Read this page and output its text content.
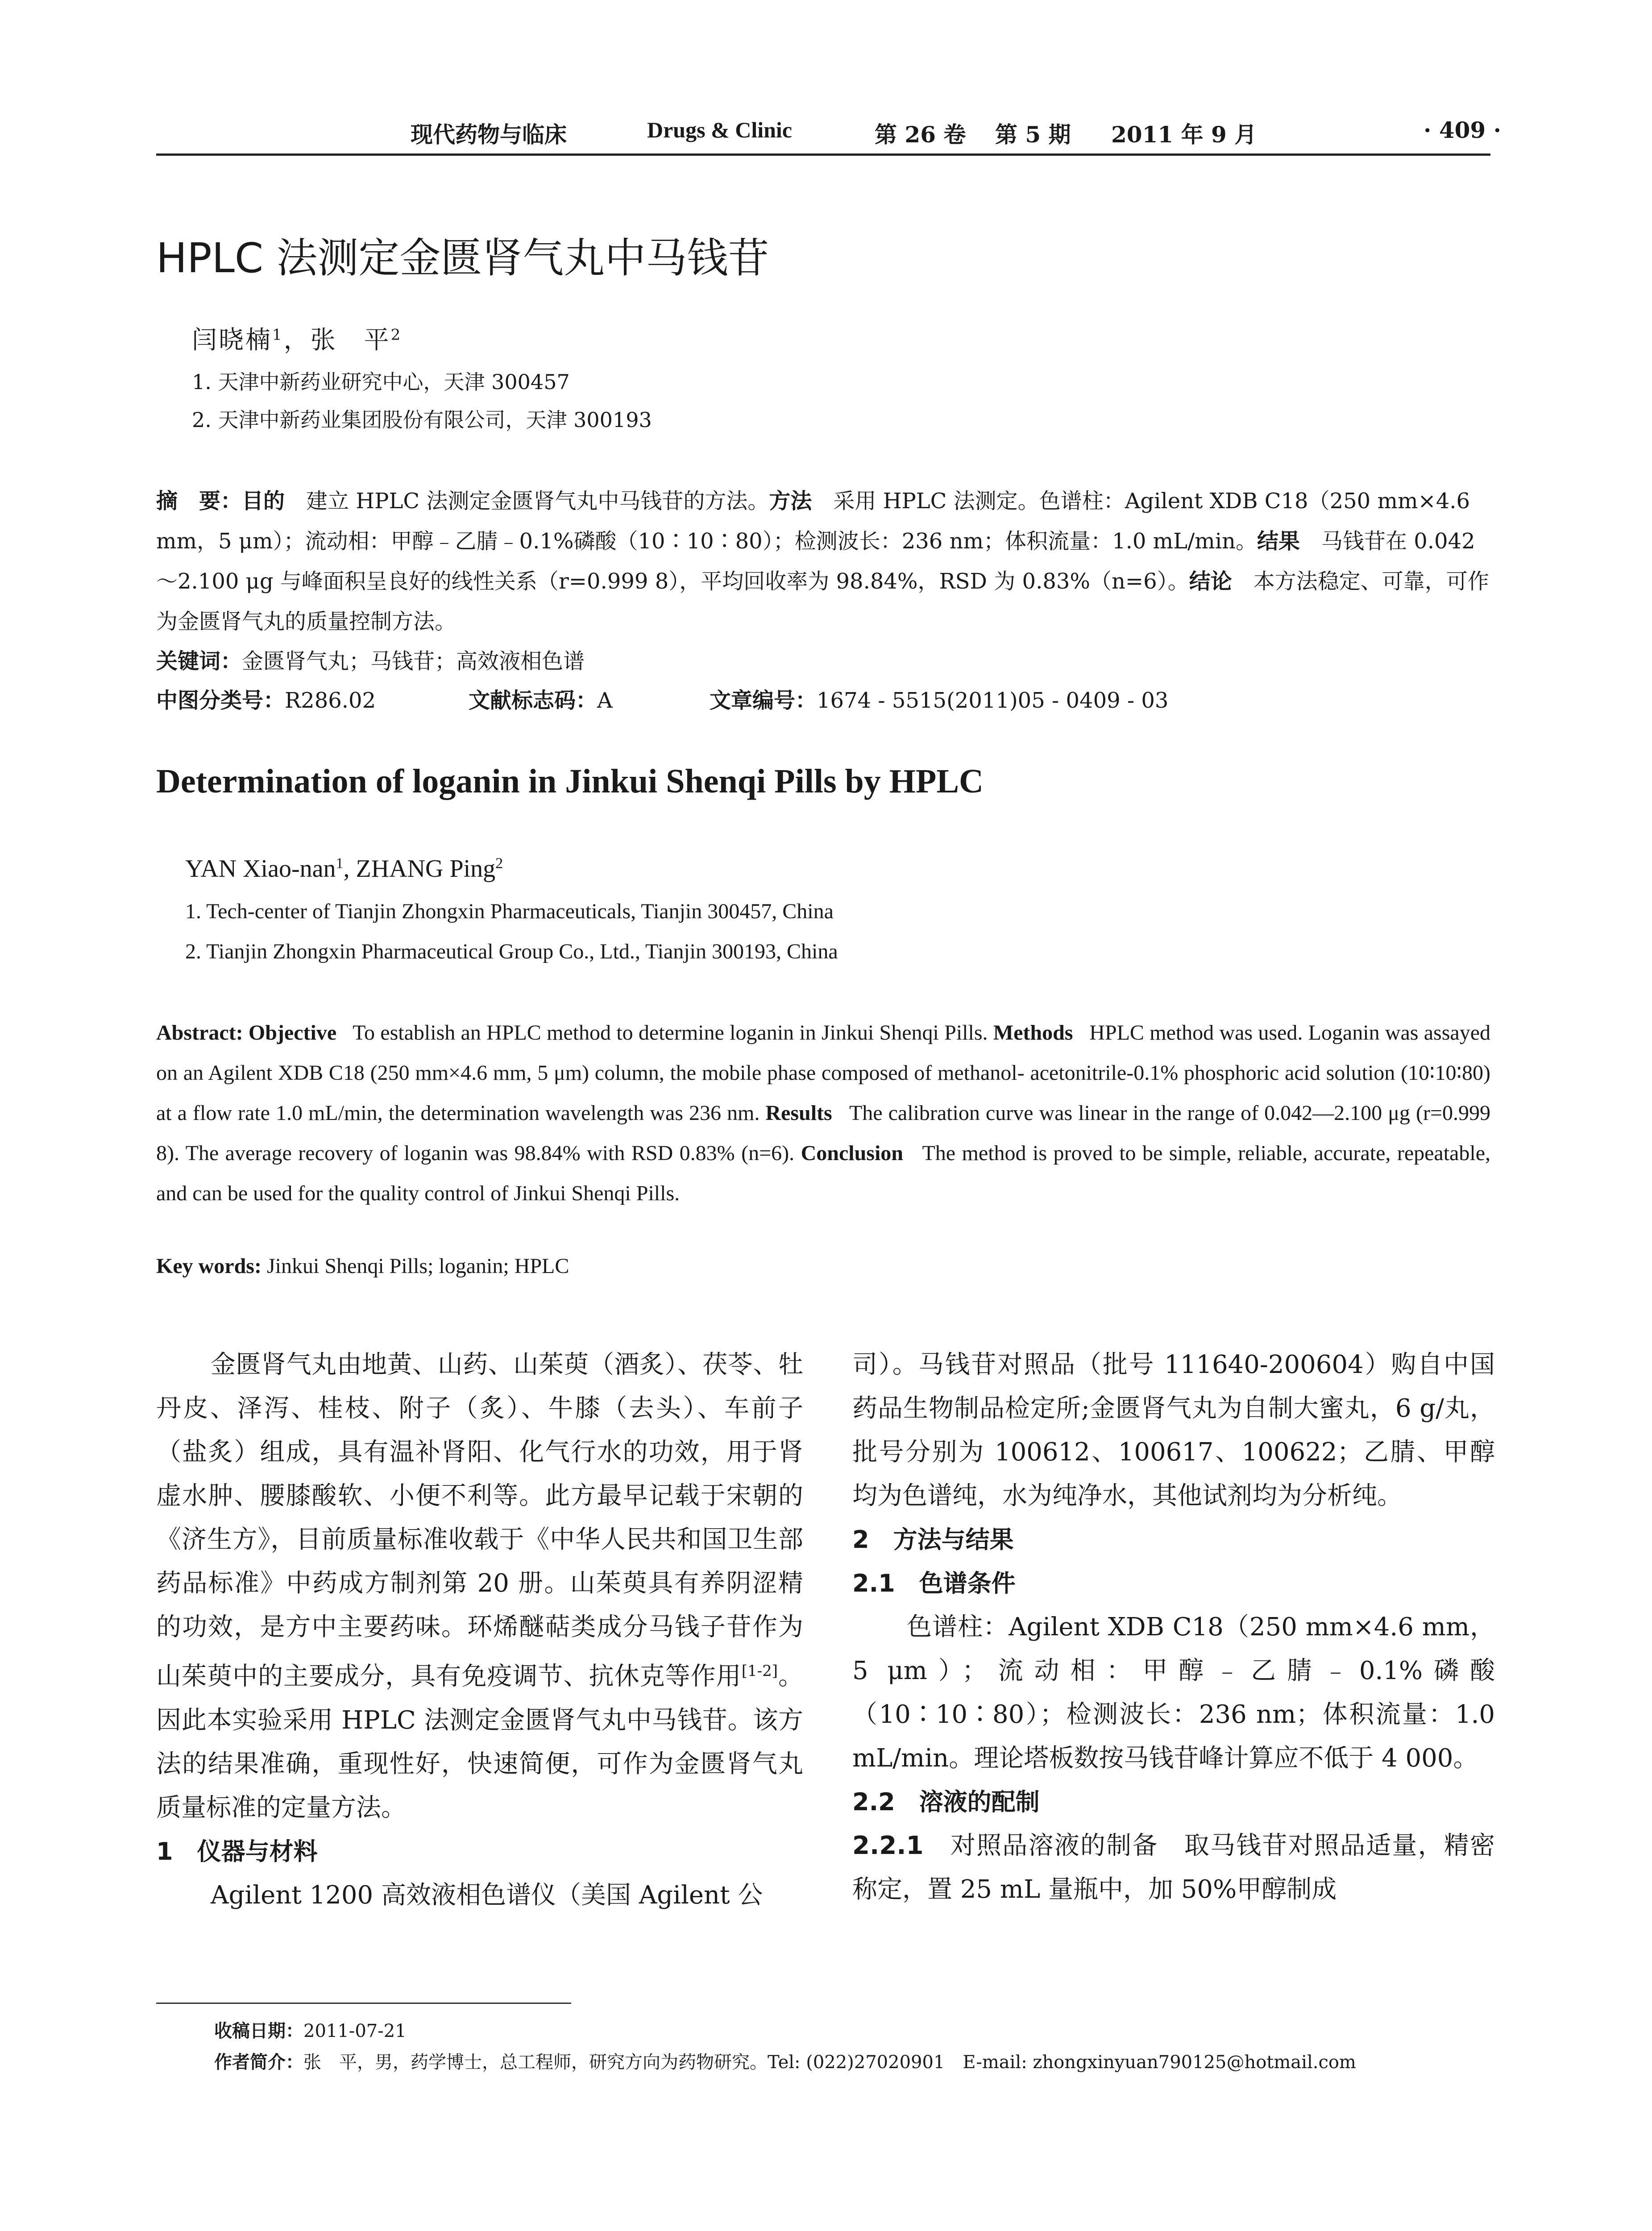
现代药物与临床	Drugs & Clinic	第 26 卷 第 5 期 2011 年 9 月	· 409 ·
HPLC 法测定金匮肾气丸中马钱苷
闫晓楠$^1$，张　平$^2$
1. 天津中新药业研究中心，天津 300457
2. 天津中新药业集团股份有限公司，天津 300193
摘　要：目的　 建立 HPLC 法测定金匮肾气丸中马钱苷的方法。方法　 采用 HPLC 法测定。色谱柱：Agilent XDB C18（250 mm×4.6 mm，5 μm）；流动相：甲醇﹣乙腈﹣0.1%磷酸（10∶10∶80）；检测波长：236 nm；体积流量：1.0 mL/min。结果　 马钱苷在 0.042～2.100 μg 与峰面积呈良好的线性关系（r=0.999 8），平均回收率为 98.84%，RSD 为 0.83%（n=6）。结论　 本方法稳定、可靠，可作为金匮肾气丸的质量控制方法。
关键词：金匮肾气丸；马钱苷；高效液相色谱
中图分类号：R286.02	文献标志码：A	文章编号：1674 - 5515(2011)05 - 0409 - 03
Determination of loganin in Jinkui Shenqi Pills by HPLC
YAN Xiao-nan$^1$, ZHANG Ping$^2$
1. Tech-center of Tianjin Zhongxin Pharmaceuticals, Tianjin 300457, China
2. Tianjin Zhongxin Pharmaceutical Group Co., Ltd., Tianjin 300193, China
Abstract: Objective To establish an HPLC method to determine loganin in Jinkui Shenqi Pills. Methods HPLC method was used. Loganin was assayed on an Agilent XDB C18 (250 mm×4.6 mm, 5 μm) column, the mobile phase composed of methanol- acetonitrile-0.1% phosphoric acid solution (10∶10∶80) at a flow rate 1.0 mL/min, the determination wavelength was 236 nm. Results The calibration curve was linear in the range of 0.042—2.100 μg (r=0.999 8). The average recovery of loganin was 98.84% with RSD 0.83% (n=6). Conclusion The method is proved to be simple, reliable, accurate, repeatable, and can be used for the quality control of Jinkui Shenqi Pills.
Key words: Jinkui Shenqi Pills; loganin; HPLC

金匮肾气丸由地黄、山药、山茱萸（酒炙）、茯苓、牡丹皮、泽泻、桂枝、附子（炙）、牛膝（去头）、车前子（盐炙）组成，具有温补肾阳、化气行水的功效，用于肾虚水肿、腰膝酸软、小便不利等。此方最早记载于宋朝的《济生方》，目前质量标准收载于《中华人民共和国卫生部药品标准》中药成方制剂第 20 册。山茱萸具有养阴涩精的功效，是方中主要药味。环烯醚萜类成分马钱子苷作为山茱萸中的主要成分，具有免疫调节、抗休克等作用[1-2]。因此本实验采用 HPLC 法测定金匮肾气丸中马钱苷。该方法的结果准确，重现性好，快速简便，可作为金匮肾气丸质量标准的定量方法。

1　仪器与材料

Agilent 1200 高效液相色谱仪（美国 Agilent 公

司）。马钱苷对照品（批号 111640-200604）购自中国药品生物制品检定所;金匮肾气丸为自制大蜜丸，6 g/丸，批号分别为 100612、100617、100622；乙腈、甲醇均为色谱纯，水为纯净水，其他试剂均为分析纯。

2　方法与结果

2.1　色谱条件

色谱柱：Agilent XDB C18（250 mm×4.6 mm，5 μm）；流动相：甲醇﹣乙腈﹣0.1%磷酸（10∶10∶80）；检测波长：236 nm；体积流量：1.0 mL/min。理论塔板数按马钱苷峰计算应不低于 4 000。

2.2　溶液的配制

2.2.1　 对照品溶液的制备　取马钱苷对照品适量，精密称定，置 25 mL 量瓶中，加 50%甲醇制成

收稿日期：2011-07-21
作者简介：张　平，男，药学博士，总工程师，研究方向为药物研究。Tel: (022)27020901　E-mail: zhongxinyuan790125@hotmail.com
